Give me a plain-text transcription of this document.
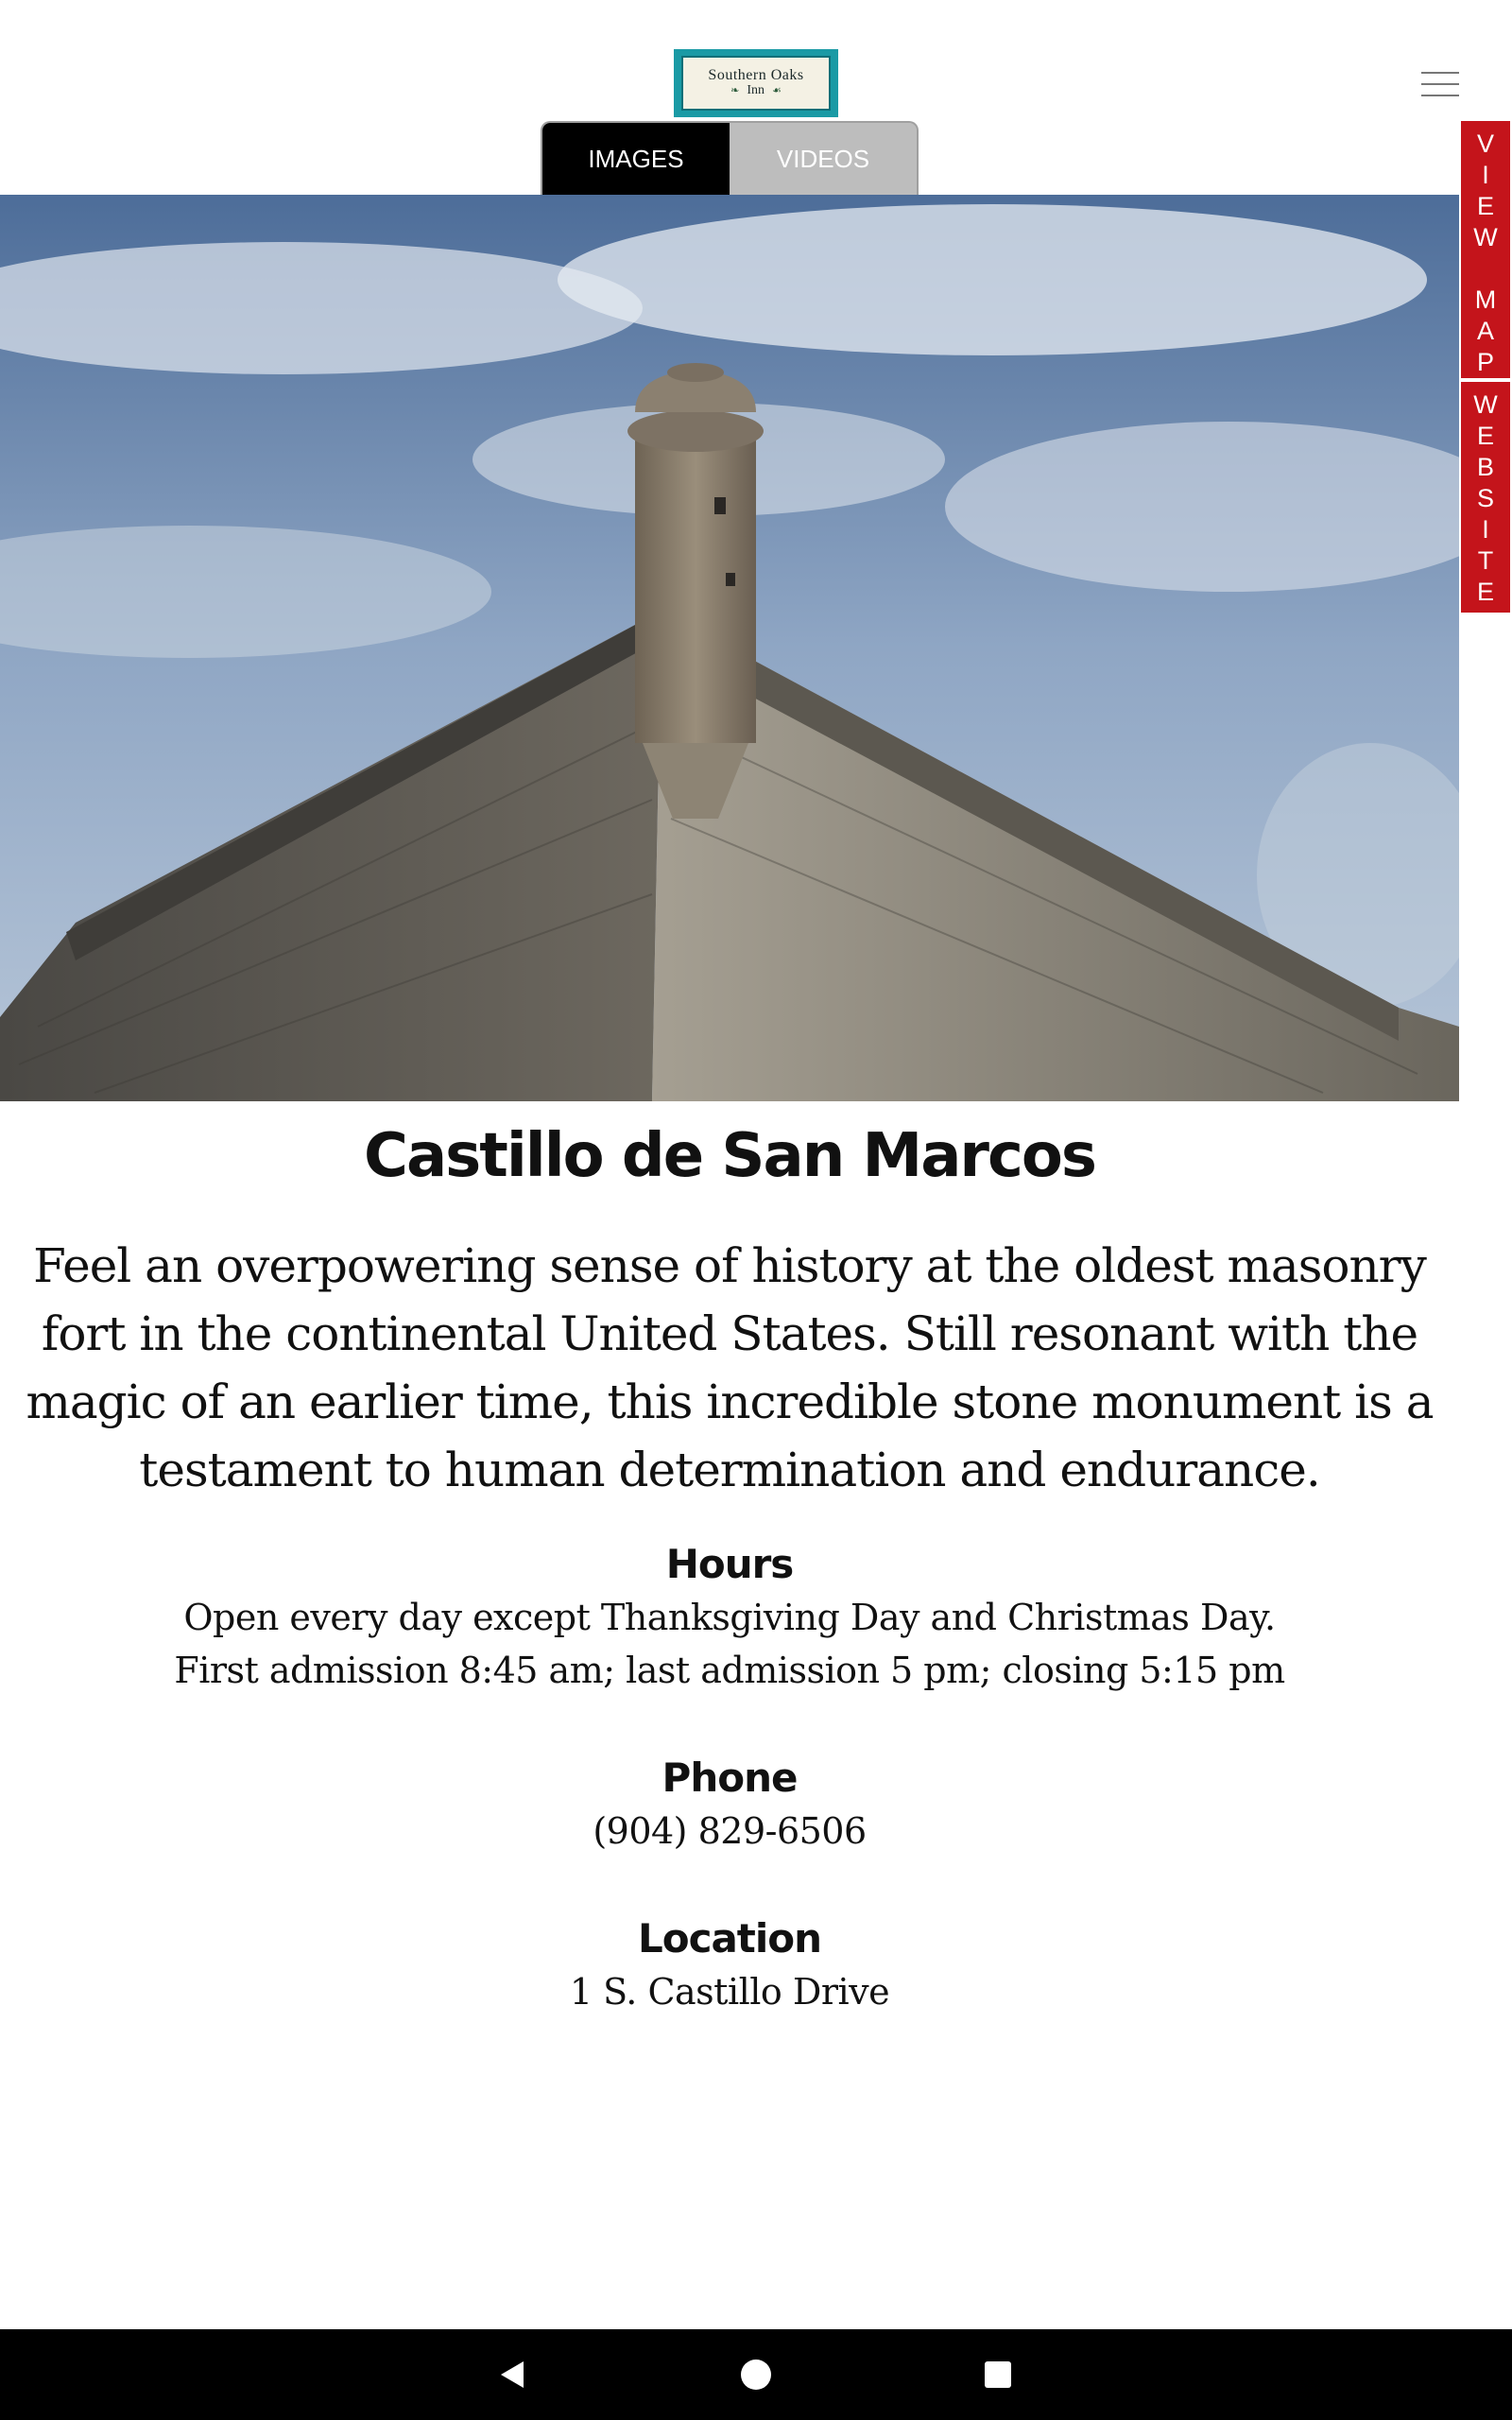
Southern Oaks
❧ Inn ☙
IMAGES	VIDEOS
V
I
E
W
M
A
P
W
E
B
S
I
T
E
Castillo de San Marcos

Feel an overpowering sense of history at the oldest masonry fort in the continental United States. Still resonant with the magic of an earlier time, this incredible stone monument is a testament to human determination and endurance.

Hours
Open every day except Thanksgiving Day and Christmas Day.
First admission 8:45 am; last admission 5 pm; closing 5:15 pm
Phone
(904) 829-6506
Location
1 S. Castillo Drive
